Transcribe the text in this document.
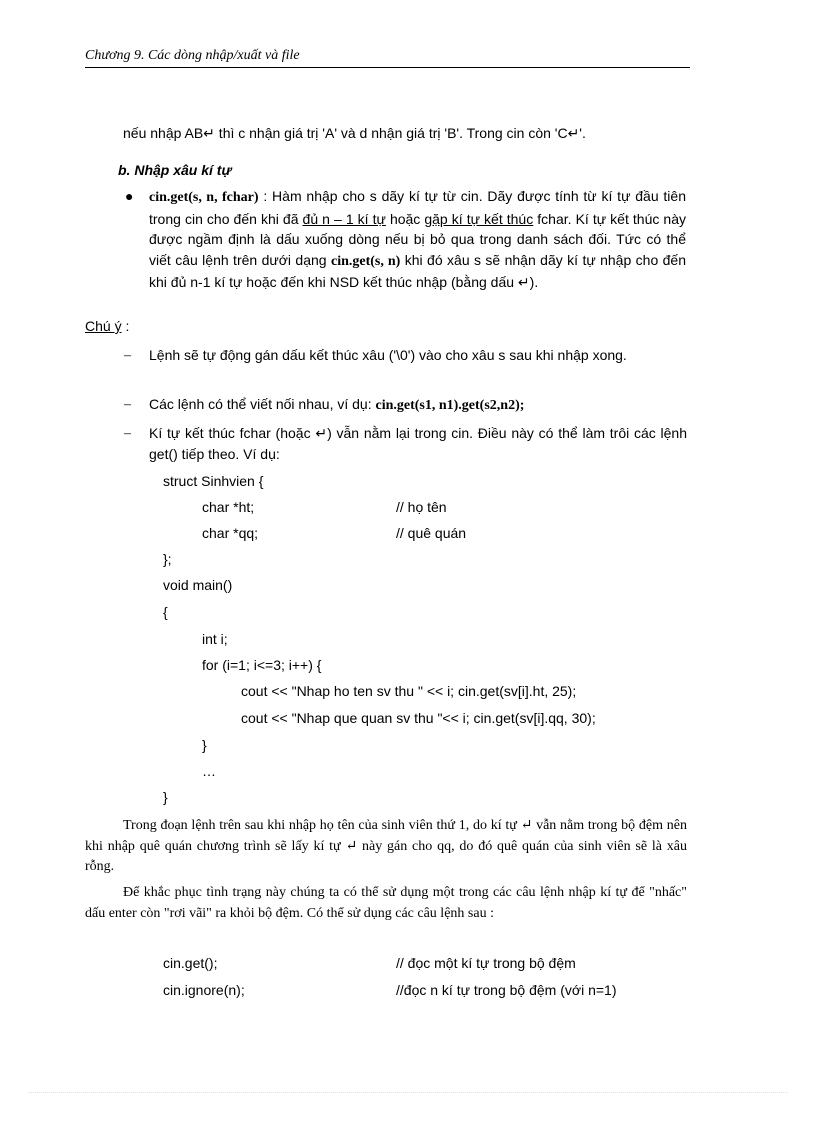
Chương 9. Các dòng nhập/xuất và file
nếu nhập AB↵ thì c nhận giá trị 'A' và d nhận giá trị 'B'. Trong cin còn 'C↵'.
b. Nhập xâu kí tự
● cin.get(s, n, fchar) : Hàm nhập cho s dãy kí tự từ cin. Dãy được tính từ kí tự đầu tiên trong cin cho đến khi đã đủ n – 1 kí tự hoặc gặp kí tự kết thúc fchar. Kí tự kết thúc này được ngầm định là dấu xuống dòng nếu bị bỏ qua trong danh sách đối. Tức có thể viết câu lệnh trên dưới dạng cin.get(s, n) khi đó xâu s sẽ nhận dãy kí tự nhập cho đến khi đủ n-1 kí tự hoặc đến khi NSD kết thúc nhập (bằng dấu ↵).
Chú ý :
– Lệnh sẽ tự động gán dấu kết thúc xâu ('\0') vào cho xâu s sau khi nhập xong.
– Các lệnh có thể viết nối nhau, ví dụ: cin.get(s1, n1).get(s2,n2);
– Kí tự kết thúc fchar (hoặc ↵) vẫn nằm lại trong cin. Điều này có thể làm trôi các lệnh get() tiếp theo. Ví dụ:
struct Sinhvien {
char *ht;	// họ tên
char *qq;	// quê quán
};
void main()
{
int i;
for (i=1; i<=3; i++) {
cout << "Nhap ho ten sv thu " << i; cin.get(sv[i].ht, 25);
cout << "Nhap que quan sv thu "<< i; cin.get(sv[i].qq, 30);
}
…
}
Trong đoạn lệnh trên sau khi nhập họ tên của sinh viên thứ 1, do kí tự ↵ vẫn nằm trong bộ đệm nên khi nhập quê quán chương trình sẽ lấy kí tự ↵ này gán cho qq, do đó quê quán của sinh viên sẽ là xâu rỗng.
Để khắc phục tình trạng này chúng ta có thể sử dụng một trong các câu lệnh nhập kí tự để "nhấc" dấu enter còn "rơi vãi" ra khỏi bộ đệm. Có thể sử dụng các câu lệnh sau :
cin.get();	// đọc một kí tự trong bộ đệm
cin.ignore(n);	//đọc n kí tự trong bộ đệm (với n=1)
